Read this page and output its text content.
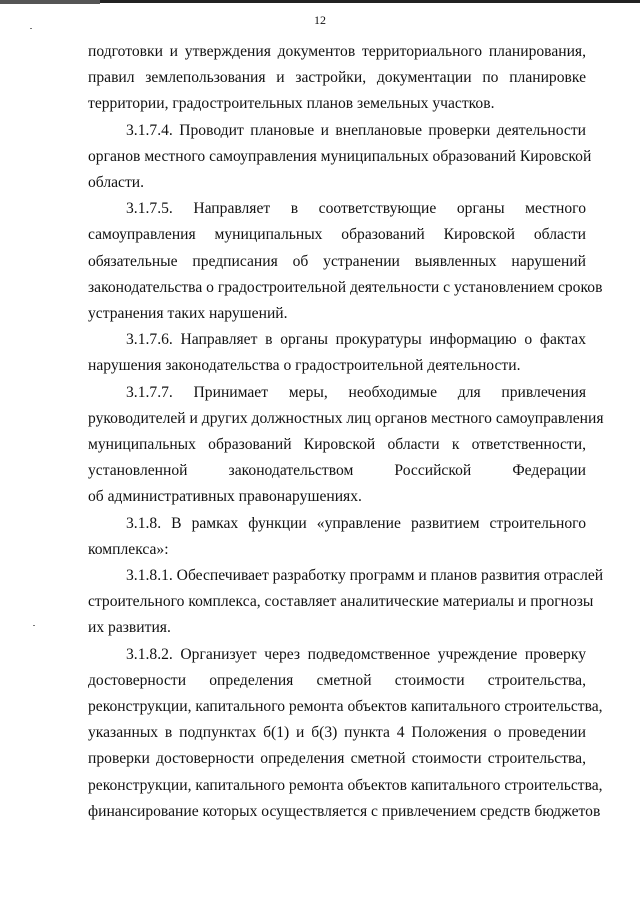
12
подготовки и утверждения документов территориального планирования,
правил землепользования и застройки, документации по планировке
территории, градостроительных планов земельных участков.
3.1.7.4. Проводит плановые и внеплановые проверки деятельности
органов местного самоуправления муниципальных образований Кировской
области.
3.1.7.5. Направляет в соответствующие органы местного
самоуправления муниципальных образований Кировской области
обязательные предписания об устранении выявленных нарушений
законодательства о градостроительной деятельности с установлением сроков
устранения таких нарушений.
3.1.7.6. Направляет в органы прокуратуры информацию о фактах
нарушения законодательства о градостроительной деятельности.
3.1.7.7. Принимает меры, необходимые для привлечения
руководителей и других должностных лиц органов местного самоуправления
муниципальных образований Кировской области к ответственности,
установленной законодательством Российской Федерации
об административных правонарушениях.
3.1.8. В рамках функции «управление развитием строительного
комплекса»:
3.1.8.1. Обеспечивает разработку программ и планов развития отраслей
строительного комплекса, составляет аналитические материалы и прогнозы
их развития.
3.1.8.2. Организует через подведомственное учреждение проверку
достоверности определения сметной стоимости строительства,
реконструкции, капитального ремонта объектов капитального строительства,
указанных в подпунктах б(1) и б(3) пункта 4 Положения о проведении
проверки достоверности определения сметной стоимости строительства,
реконструкции, капитального ремонта объектов капитального строительства,
финансирование которых осуществляется с привлечением средств бюджетов
